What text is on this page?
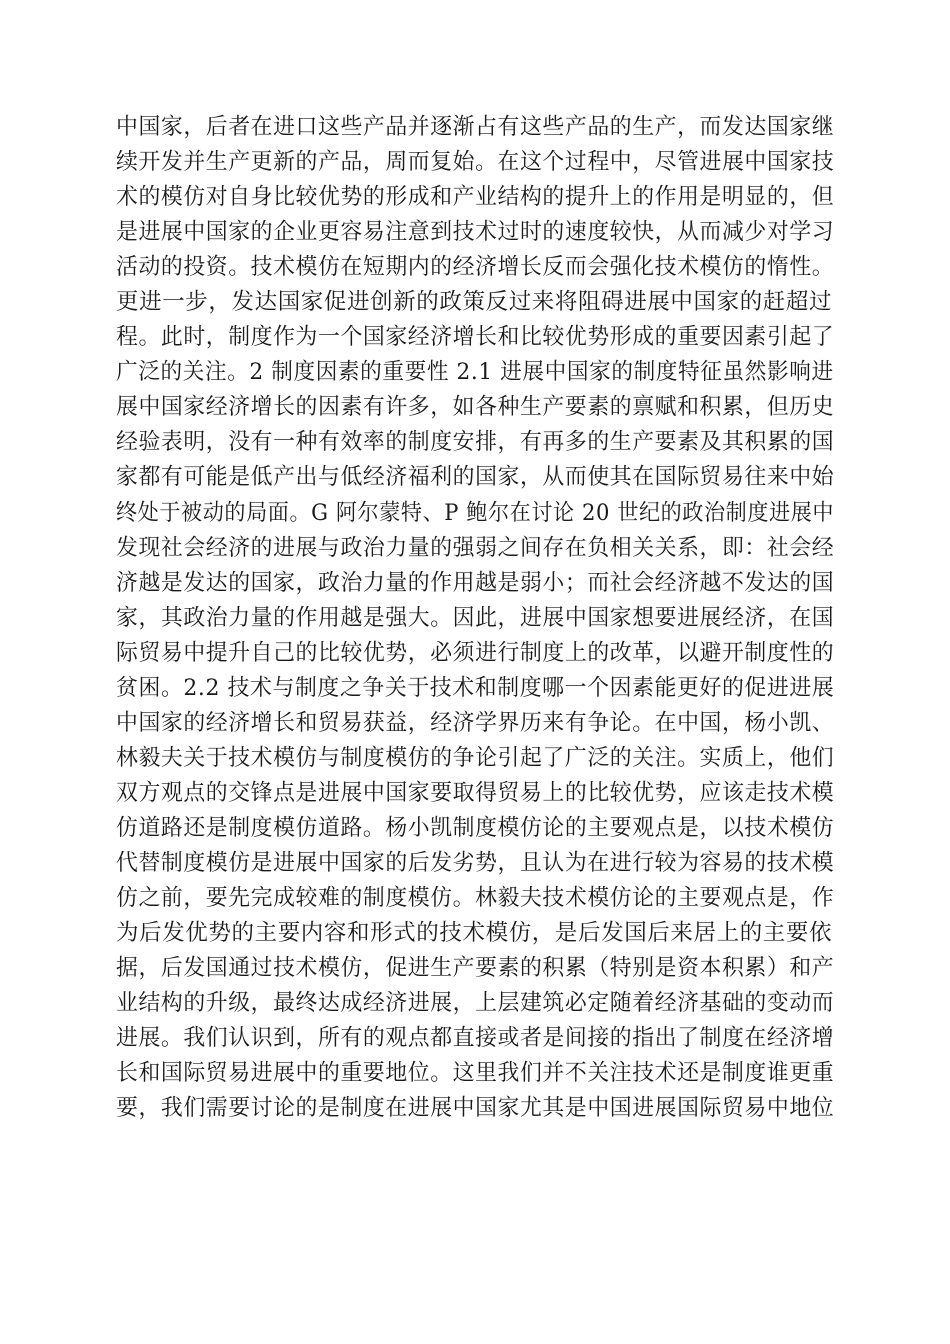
中国家，后者在进口这些产品并逐渐占有这些产品的生产，而发达国家继
续开发并生产更新的产品，周而复始。在这个过程中，尽管进展中国家技
术的模仿对自身比较优势的形成和产业结构的提升上的作用是明显的，但
是进展中国家的企业更容易注意到技术过时的速度较快，从而减少对学习
活动的投资。技术模仿在短期内的经济增长反而会强化技术模仿的惰性。
更进一步，发达国家促进创新的政策反过来将阻碍进展中国家的赶超过
程。此时，制度作为一个国家经济增长和比较优势形成的重要因素引起了
广泛的关注。2 制度因素的重要性 2.1 进展中国家的制度特征虽然影响进
展中国家经济增长的因素有许多，如各种生产要素的禀赋和积累，但历史
经验表明，没有一种有效率的制度安排，有再多的生产要素及其积累的国
家都有可能是低产出与低经济福利的国家，从而使其在国际贸易往来中始
终处于被动的局面。G 阿尔蒙特、P 鲍尔在讨论 20 世纪的政治制度进展中
发现社会经济的进展与政治力量的强弱之间存在负相关关系，即：社会经
济越是发达的国家，政治力量的作用越是弱小；而社会经济越不发达的国
家，其政治力量的作用越是强大。因此，进展中国家想要进展经济，在国
际贸易中提升自己的比较优势，必须进行制度上的改革，以避开制度性的
贫困。2.2 技术与制度之争关于技术和制度哪一个因素能更好的促进进展
中国家的经济增长和贸易获益，经济学界历来有争论。在中国，杨小凯、
林毅夫关于技术模仿与制度模仿的争论引起了广泛的关注。实质上，他们
双方观点的交锋点是进展中国家要取得贸易上的比较优势，应该走技术模
仿道路还是制度模仿道路。杨小凯制度模仿论的主要观点是，以技术模仿
代替制度模仿是进展中国家的后发劣势，且认为在进行较为容易的技术模
仿之前，要先完成较难的制度模仿。林毅夫技术模仿论的主要观点是，作
为后发优势的主要内容和形式的技术模仿，是后发国后来居上的主要依
据，后发国通过技术模仿，促进生产要素的积累（特别是资本积累）和产
业结构的升级，最终达成经济进展，上层建筑必定随着经济基础的变动而
进展。我们认识到，所有的观点都直接或者是间接的指出了制度在经济增
长和国际贸易进展中的重要地位。这里我们并不关注技术还是制度谁更重
要，我们需要讨论的是制度在进展中国家尤其是中国进展国际贸易中地位
